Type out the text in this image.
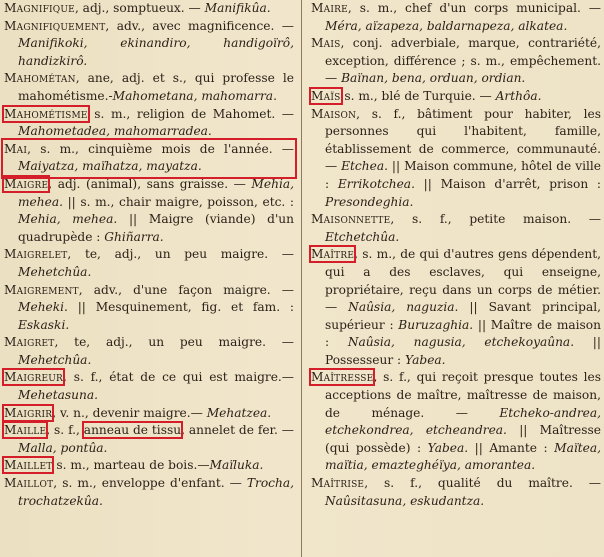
Magnifique, adj., somptueux. — Manifikûa.

Magnifiquement, adv., avec magnificence. — Manifikoki, ekinandiro, handigoïrô, handizkirô.

Mahométan, ane, adj. et s., qui professe le mahométisme.-Mahometana, mahomarra.

Mahométisme s. m., religion de Mahomet. — Mahometadea, mahomarradea.

Mai, s. m., cinquième mois de l'année. — Maiyatza, maïhatza, mayatza.

Maigre, adj. (animal), sans graisse. — Mehia, mehea. || s. m., chair maigre, poisson, etc. : Mehia, mehea. || Maigre (viande) d'un quadrupède : Ghiñarra.

Maigrelet, te, adj., un peu maigre. — Mehetchûa.

Maigrement, adv., d'une façon maigre. — Meheki. || Mesquinement, fig. et fam. : Eskaski.

Maigret, te, adj., un peu maigre. — Mehetchûa.

Maigreur, s. f., état de ce qui est maigre.— Mehetasuna.

Maigrir, v. n., devenir maigre.— Mehatzea.

Maille, s. f., anneau de tissu, annelet de fer. — Malla, pontûa.

Maillet s. m., marteau de bois.—Maïluka.

Maillot, s. m., enveloppe d'enfant. — Trocha, trochatzekûa.

Maire, s. m., chef d'un corps municipal. — Méra, aïzapeza, baldarnapeza, alkatea.

Mais, conj. adverbiale, marque, contrariété, exception, différence ; s. m., empêchement. — Baïnan, bena, orduan, ordian.

Maïs s. m., blé de Turquie. — Arthôa.

Maison, s. f., bâtiment pour habiter, les personnes qui l'habitent, famille, établissement de commerce, communauté. — Etchea. || Maison commune, hôtel de ville : Errikotchea. || Maison d'arrêt, prison : Presondeghia.

Maisonnette, s. f., petite maison. — Etchetchûa.

Maître, s. m., de qui d'autres gens dépendent, qui a des esclaves, qui enseigne, propriétaire, reçu dans un corps de métier. — Naûsia, naguzia. || Savant principal, supérieur : Buruzaghia. || Maître de maison : Naûsia, nagusia, etchekoyaûna. || Possesseur : Yabea.

Maîtresse, s. f., qui reçoit presque toutes les acceptions de maître, maîtresse de maison, de ménage. — Etcheko-andrea, etchekondrea, etcheandrea. || Maîtresse (qui possède) : Yabea. || Amante : Maïtea, maïtia, emazteghéïya, amorantea.

Maîtrise, s. f., qualité du maître. — Naûsitasuna, eskudantza.
